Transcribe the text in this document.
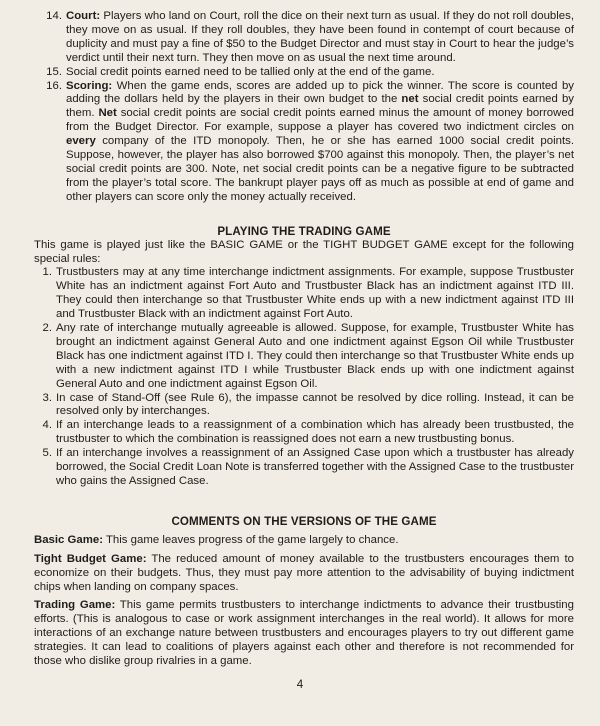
14. Court: Players who land on Court, roll the dice on their next turn as usual. If they do not roll doubles, they move on as usual. If they roll doubles, they have been found in contempt of court because of duplicity and must pay a fine of $50 to the Budget Director and must stay in Court to hear the judge’s verdict until their next turn. They then move on as usual the next time around.
15. Social credit points earned need to be tallied only at the end of the game.
16. Scoring: When the game ends, scores are added up to pick the winner. The score is counted by adding the dollars held by the players in their own budget to the net social credit points earned by them. Net social credit points are social credit points earned minus the amount of money borrowed from the Budget Director. For example, suppose a player has covered two indictment circles on every company of the ITD monopoly. Then, he or she has earned 1000 social credit points. Suppose, however, the player has also borrowed $700 against this monopoly. Then, the player’s net social credit points are 300. Note, net social credit points can be a negative figure to be subtracted from the player’s total score. The bankrupt player pays off as much as possible at end of game and other players can score only the money actually received.
PLAYING THE TRADING GAME

This game is played just like the BASIC GAME or the TIGHT BUDGET GAME except for the following special rules:

1. Trustbusters may at any time interchange indictment assignments. For example, suppose Trustbuster White has an indictment against Fort Auto and Trustbuster Black has an indictment against ITD III. They could then interchange so that Trustbuster White ends up with a new indictment against ITD III and Trustbuster Black with an indictment against Fort Auto.
2. Any rate of interchange mutually agreeable is allowed. Suppose, for example, Trustbuster White has brought an indictment against General Auto and one indictment against Egson Oil while Trustbuster Black has one indictment against ITD I. They could then interchange so that Trustbuster White ends up with a new indictment against ITD I while Trustbuster Black ends up with one indictment against General Auto and one indictment against Egson Oil.
3. In case of Stand-Off (see Rule 6), the impasse cannot be resolved by dice rolling. Instead, it can be resolved only by interchanges.
4. If an interchange leads to a reassignment of a combination which has already been trustbusted, the trustbuster to which the combination is reassigned does not earn a new trustbusting bonus.
5. If an interchange involves a reassignment of an Assigned Case upon which a trustbuster has already borrowed, the Social Credit Loan Note is transferred together with the Assigned Case to the trustbuster who gains the Assigned Case.
COMMENTS ON THE VERSIONS OF THE GAME

Basic Game: This game leaves progress of the game largely to chance.

Tight Budget Game: The reduced amount of money available to the trustbusters encourages them to economize on their budgets. Thus, they must pay more attention to the advisability of buying indictment chips when landing on company spaces.

Trading Game: This game permits trustbusters to interchange indictments to advance their trustbusting efforts. (This is analogous to case or work assignment interchanges in the real world). It allows for more interactions of an exchange nature between trustbusters and encourages players to try out different game strategies. It can lead to coalitions of players against each other and therefore is not recommended for those who dislike group rivalries in a game.

4
